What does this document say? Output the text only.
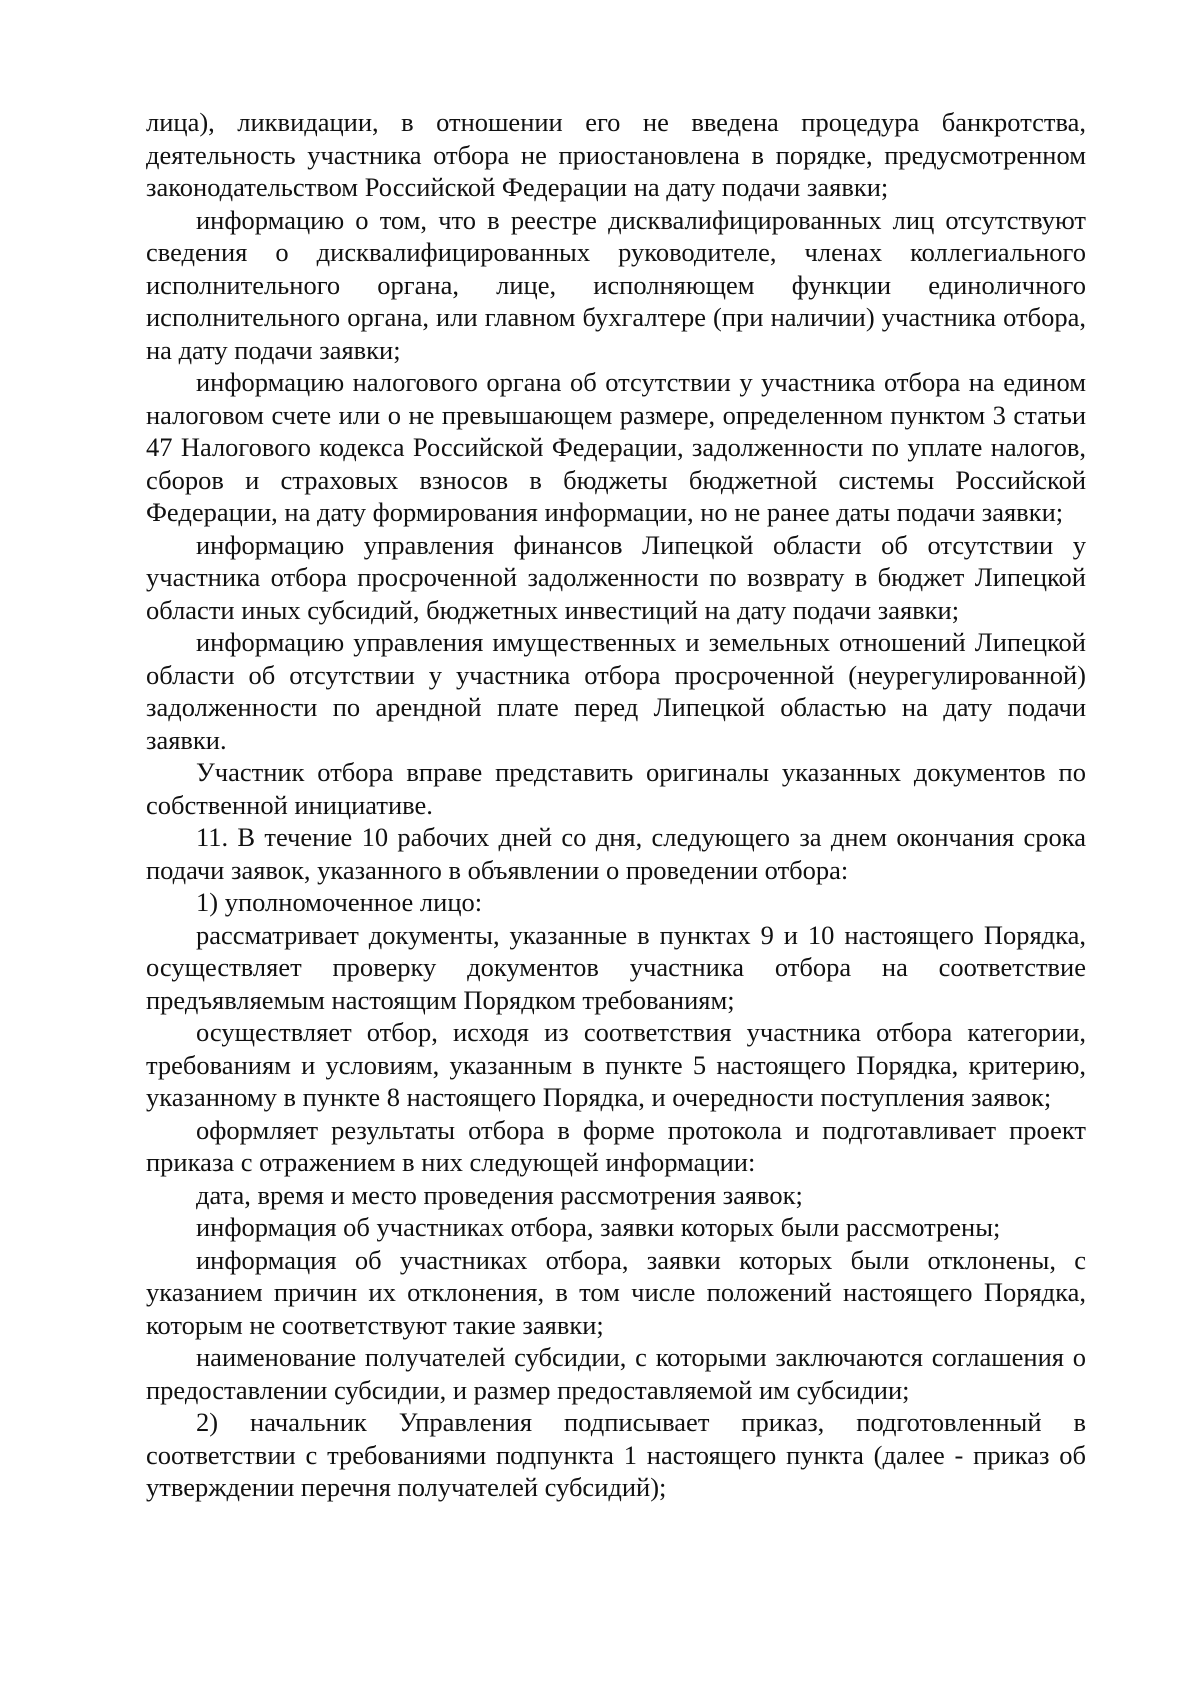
лица), ликвидации, в отношении его не введена процедура банкротства, деятельность участника отбора не приостановлена в порядке, предусмотренном законодательством Российской Федерации на дату подачи заявки;

информацию о том, что в реестре дисквалифицированных лиц отсутствуют сведения о дисквалифицированных руководителе, членах коллегиального исполнительного органа, лице, исполняющем функции единоличного исполнительного органа, или главном бухгалтере (при наличии) участника отбора, на дату подачи заявки;

информацию налогового органа об отсутствии у участника отбора на едином налоговом счете или о не превышающем размере, определенном пунктом 3 статьи 47 Налогового кодекса Российской Федерации, задолженности по уплате налогов, сборов и страховых взносов в бюджеты бюджетной системы Российской Федерации, на дату формирования информации, но не ранее даты подачи заявки;

информацию управления финансов Липецкой области об отсутствии у участника отбора просроченной задолженности по возврату в бюджет Липецкой области иных субсидий, бюджетных инвестиций на дату подачи заявки;

информацию управления имущественных и земельных отношений Липецкой области об отсутствии у участника отбора просроченной (неурегулированной) задолженности по арендной плате перед Липецкой областью на дату подачи заявки.

Участник отбора вправе представить оригиналы указанных документов по собственной инициативе.

11. В течение 10 рабочих дней со дня, следующего за днем окончания срока подачи заявок, указанного в объявлении о проведении отбора:

1) уполномоченное лицо:

рассматривает документы, указанные в пунктах 9 и 10 настоящего Порядка, осуществляет проверку документов участника отбора на соответствие предъявляемым настоящим Порядком требованиям;

осуществляет отбор, исходя из соответствия участника отбора категории, требованиям и условиям, указанным в пункте 5 настоящего Порядка, критерию, указанному в пункте 8 настоящего Порядка, и очередности поступления заявок;

оформляет результаты отбора в форме протокола и подготавливает проект приказа с отражением в них следующей информации:

дата, время и место проведения рассмотрения заявок;

информация об участниках отбора, заявки которых были рассмотрены;

информация об участниках отбора, заявки которых были отклонены, с указанием причин их отклонения, в том числе положений настоящего Порядка, которым не соответствуют такие заявки;

наименование получателей субсидии, с которыми заключаются соглашения о предоставлении субсидии, и размер предоставляемой им субсидии;

2) начальник Управления подписывает приказ, подготовленный в соответствии с требованиями подпункта 1 настоящего пункта (далее - приказ об утверждении перечня получателей субсидий);
